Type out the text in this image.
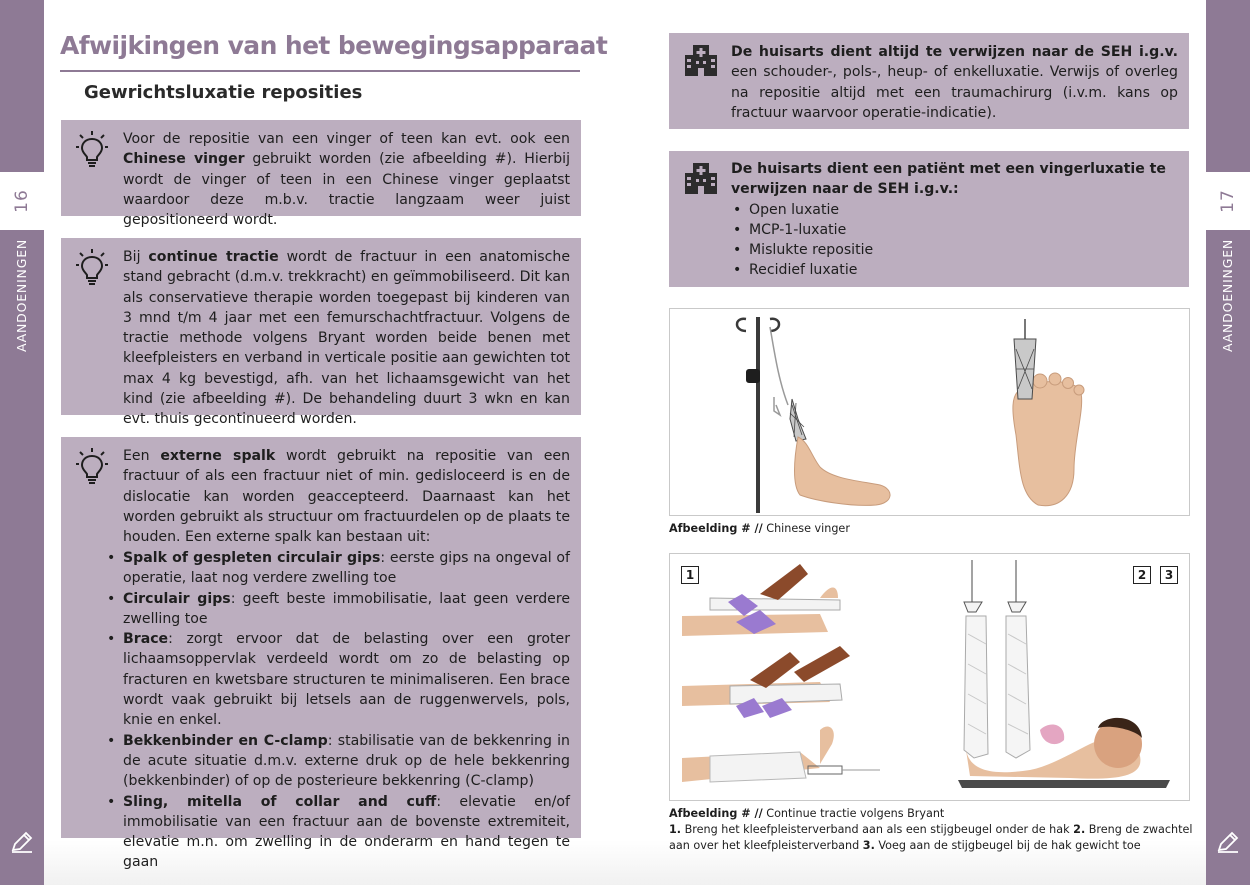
16
AANDOENINGEN
17
AANDOENINGEN
Afwijkingen van het bewegingsapparaat
Gewrichtsluxatie reposities
Voor de repositie van een vinger of teen kan evt. ook een Chinese vinger gebruikt worden (zie afbeelding #). Hierbij wordt de vinger of teen in een Chinese vinger geplaatst waardoor deze m.b.v. tractie langzaam weer juist gepositioneerd wordt.
Bij continue tractie wordt de fractuur in een anatomische stand gebracht (d.m.v. trekkracht) en geïmmobiliseerd. Dit kan als conservatieve therapie worden toegepast bij kinderen van 3 mnd t/m 4 jaar met een femurschachtfractuur. Volgens de tractie methode volgens Bryant worden beide benen met kleefpleisters en verband in verticale positie aan gewichten tot max 4 kg bevestigd, afh. van het lichaamsgewicht van het kind (zie afbeelding #). De behandeling duurt 3 wkn en kan evt. thuis gecontinueerd worden.
Een externe spalk wordt gebruikt na repositie van een fractuur of als een fractuur niet of min. gedisloceerd is en de dislocatie kan worden geaccepteerd. Daarnaast kan het worden gebruikt als structuur om fractuurdelen op de plaats te houden. Een externe spalk kan bestaan uit:
• Spalk of gespleten circulair gips: eerste gips na ongeval of operatie, laat nog verdere zwelling toe
• Circulair gips: geeft beste immobilisatie, laat geen verdere zwelling toe
• Brace: zorgt ervoor dat de belasting over een groter lichaamsoppervlak verdeeld wordt om zo de belasting op fracturen en kwetsbare structuren te minimaliseren. Een brace wordt vaak gebruikt bij letsels aan de ruggenwervels, pols, knie en enkel.
• Bekkenbinder en C-clamp: stabilisatie van de bekkenring in de acute situatie d.m.v. externe druk op de hele bekkenring (bekkenbinder) of op de posterieure bekkenring (C-clamp)
• Sling, mitella of collar and cuff: elevatie en/of immobilisatie van een fractuur aan de bovenste extremiteit, elevatie m.n. om zwelling in de onderarm en hand tegen te gaan
De huisarts dient altijd te verwijzen naar de SEH i.g.v. een schouder-, pols-, heup- of enkelluxatie. Verwijs of overleg na repositie altijd met een traumachirurg (i.v.m. kans op fractuur waarvoor operatie-indicatie).
De huisarts dient een patiënt met een vingerluxatie te verwijzen naar de SEH i.g.v.:
• Open luxatie
• MCP-1-luxatie
• Mislukte repositie
• Recidief luxatie
Afbeelding # // Chinese vinger
1	2	3
Afbeelding # // Continue tractie volgens Bryant
1. Breng het kleefpleisterverband aan als een stijgbeugel onder de hak 2. Breng de zwachtel aan over het kleefpleisterverband 3. Voeg aan de stijgbeugel bij de hak gewicht toe
